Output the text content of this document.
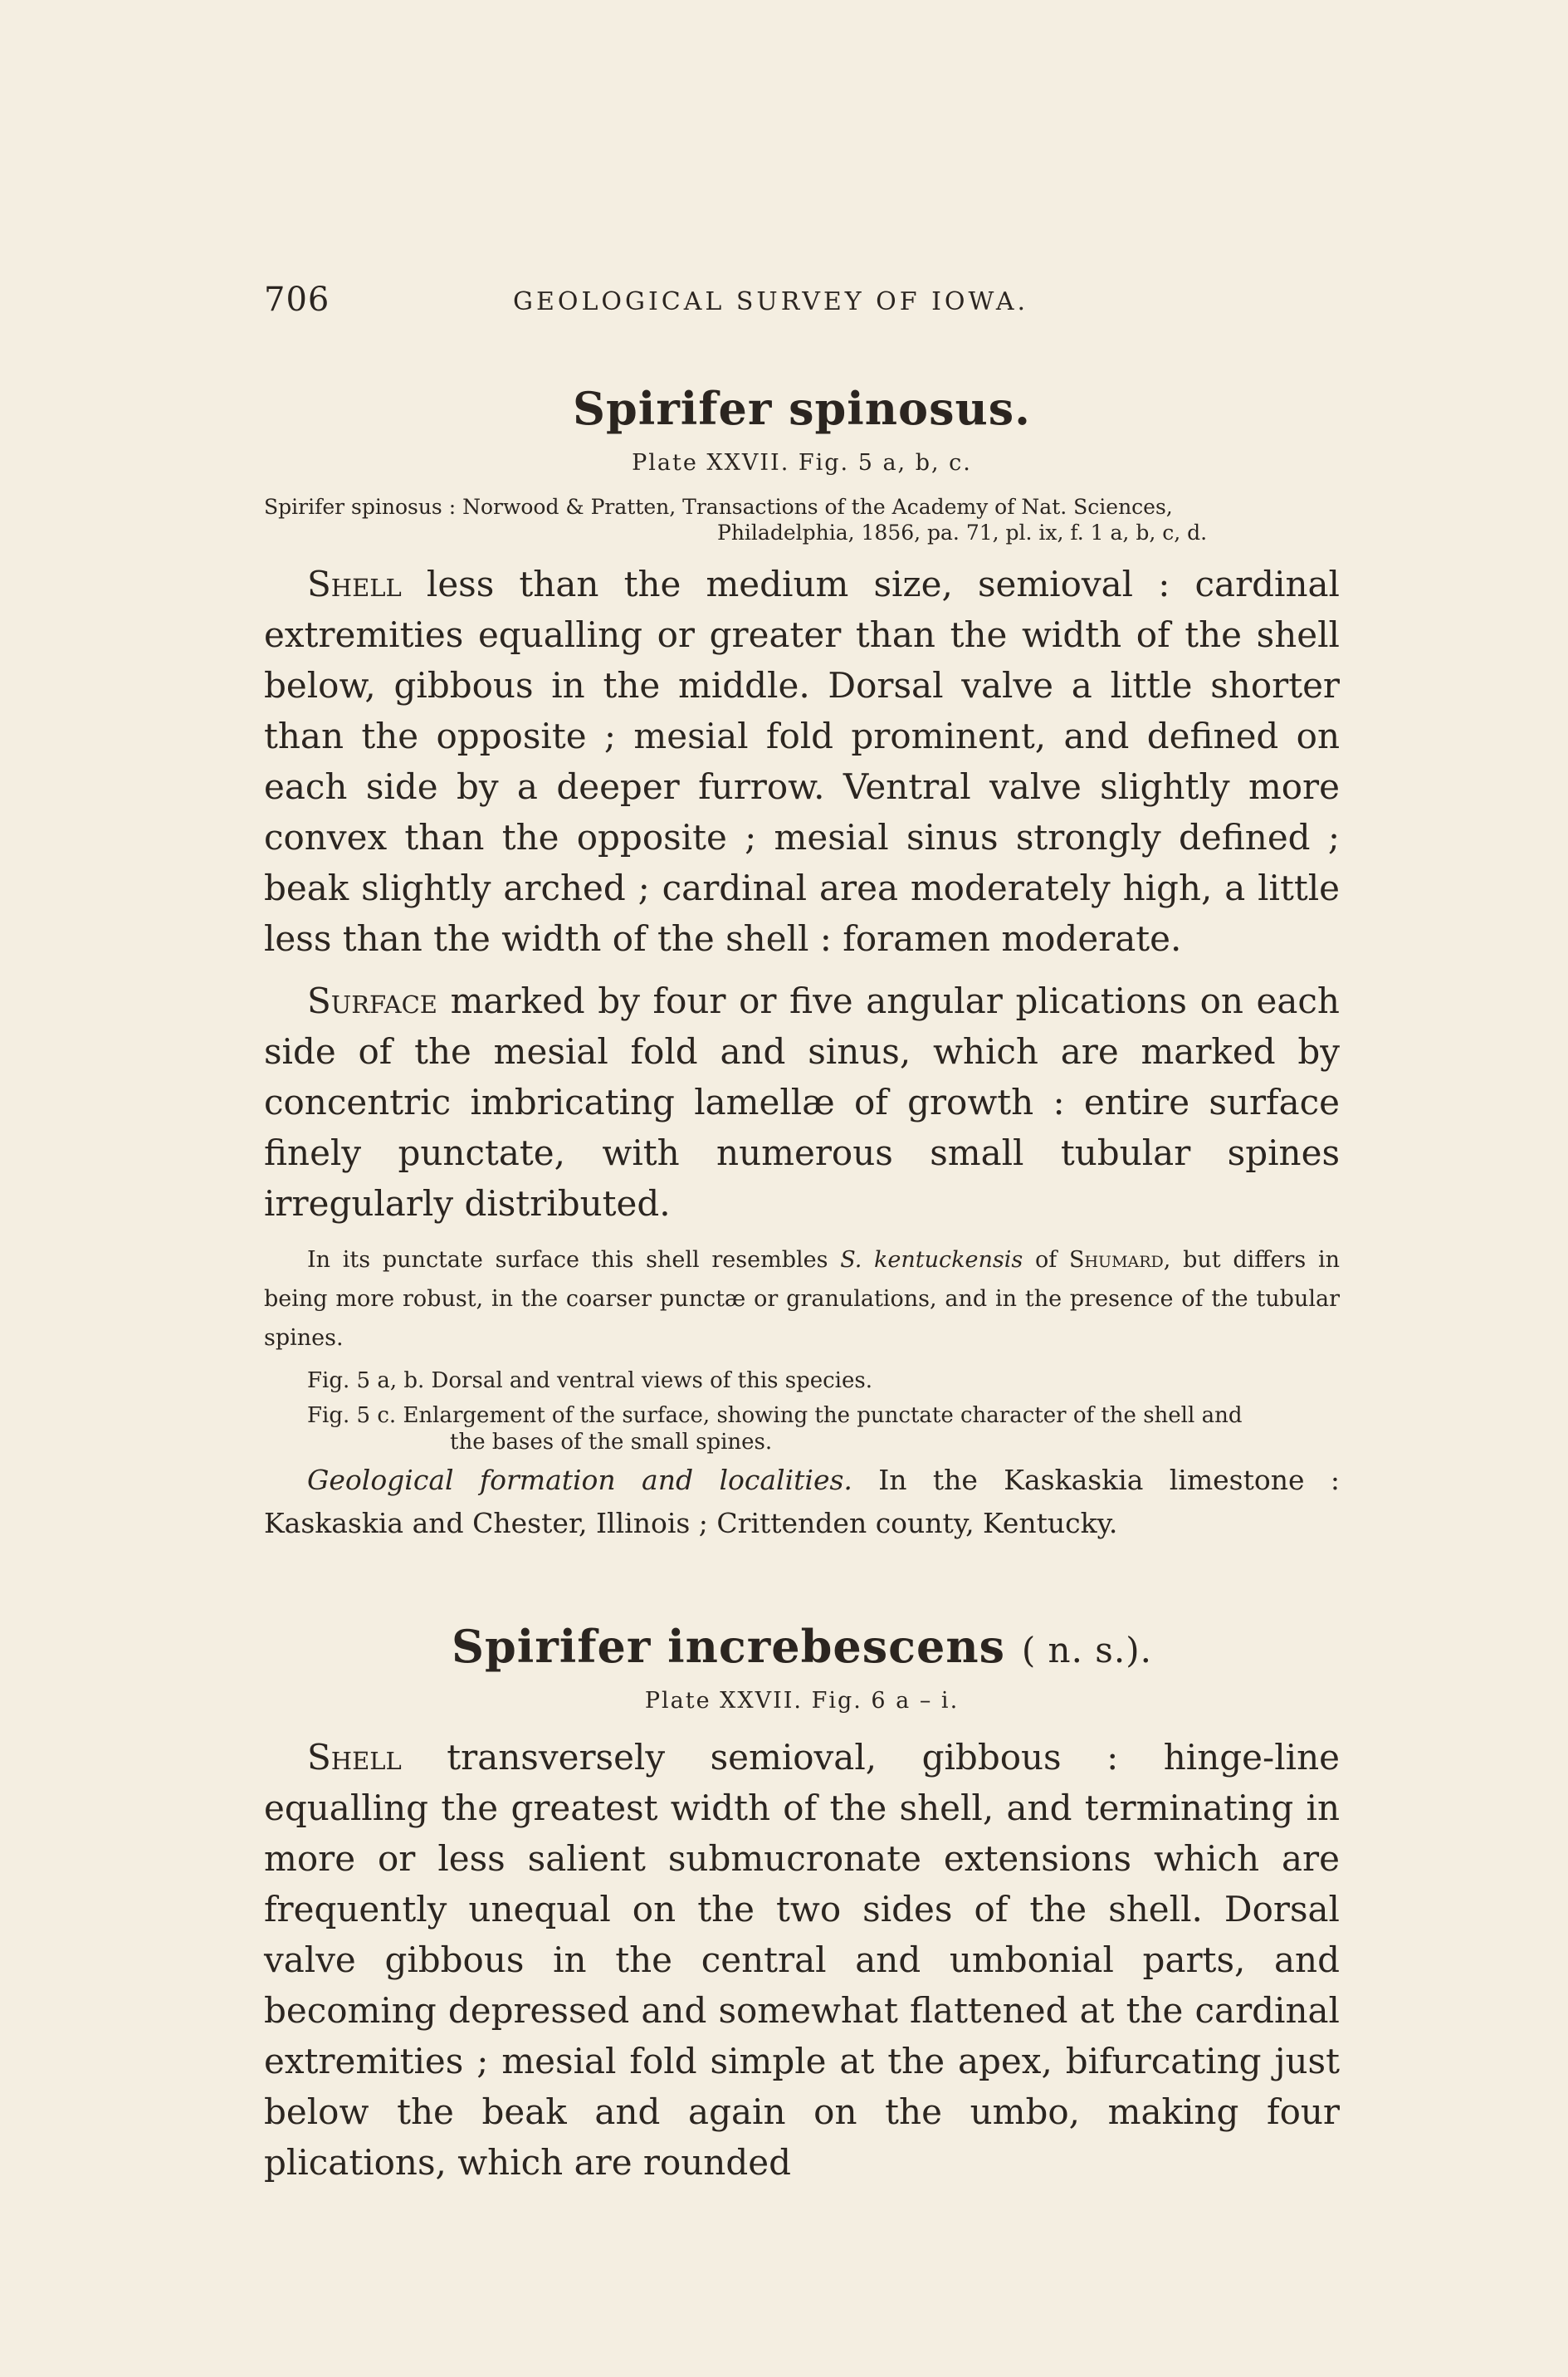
706	GEOLOGICAL SURVEY OF IOWA.
Spirifer spinosus.

Plate XXVII. Fig. 5 a, b, c.

Spirifer spinosus : Norwood & Pratten, Transactions of the Academy of Nat. Sciences,
Philadelphia, 1856, pa. 71, pl. ix, f. 1 a, b, c, d.

Shell less than the medium size, semioval : cardinal extremities equalling or greater than the width of the shell below, gibbous in the middle. Dorsal valve a little shorter than the opposite ; mesial fold prominent, and defined on each side by a deeper furrow. Ventral valve slightly more convex than the opposite ; mesial sinus strongly defined ; beak slightly arched ; cardinal area moderately high, a little less than the width of the shell : foramen moderate.

Surface marked by four or five angular plications on each side of the mesial fold and sinus, which are marked by concentric imbricating lamellæ of growth : entire surface finely punctate, with numerous small tubular spines irregularly distributed.

In its punctate surface this shell resembles S. kentuckensis of Shumard, but differs in being more robust, in the coarser punctæ or granulations, and in the presence of the tubular spines.

Fig. 5 a, b. Dorsal and ventral views of this species.

Fig. 5 c. Enlargement of the surface, showing the punctate character of the shell and
the bases of the small spines.

Geological formation and localities. In the Kaskaskia limestone : Kaskaskia and Chester, Illinois ; Crittenden county, Kentucky.

Spirifer increbescens ( n. s.).

Plate XXVII. Fig. 6 a – i.

Shell transversely semioval, gibbous : hinge-line equalling the greatest width of the shell, and terminating in more or less salient submucronate extensions which are frequently unequal on the two sides of the shell. Dorsal valve gibbous in the central and umbonial parts, and becoming depressed and somewhat flattened at the cardinal extremities ; mesial fold simple at the apex, bifurcating just below the beak and again on the umbo, making four plications, which are rounded
